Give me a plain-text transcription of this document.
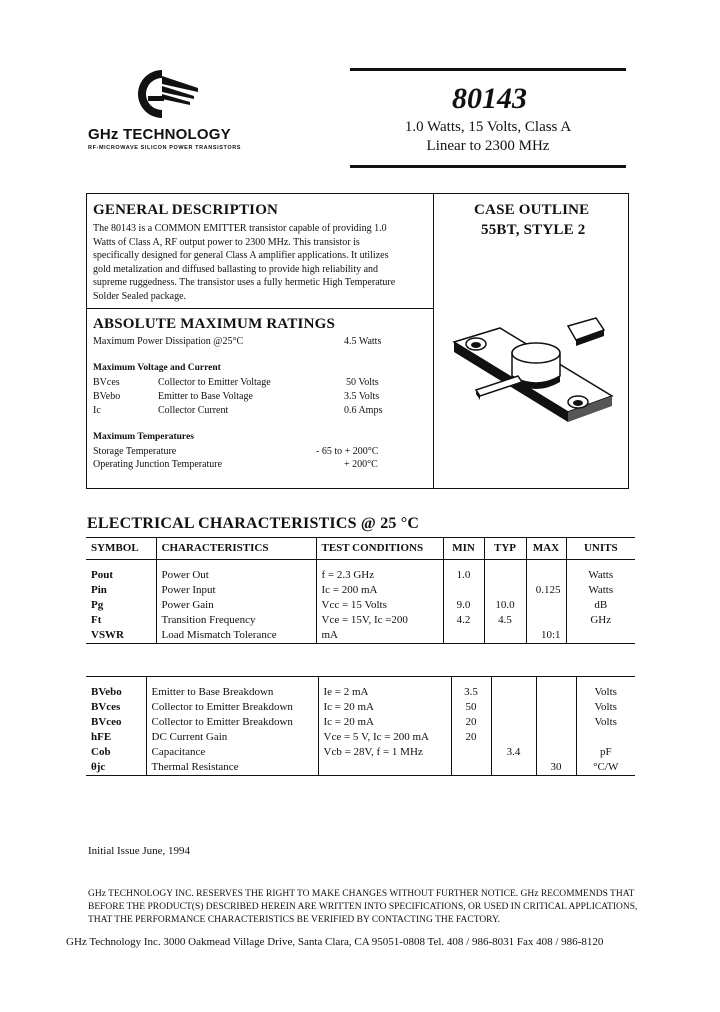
GHz TECHNOLOGY
RF-MICROWAVE SILICON POWER TRANSISTORS
80143
1.0 Watts, 15 Volts, Class A
Linear to 2300 MHz
GENERAL DESCRIPTION
The 80143 is a COMMON EMITTER transistor capable of providing 1.0
Watts of Class A, RF output power to 2300 MHz. This transistor is
specifically designed for general Class A amplifier applications. It utilizes
gold metalization and diffused ballasting to provide high reliability and
supreme ruggedness. The transistor uses a fully hermetic High Temperature
Solder Sealed package.
CASE OUTLINE
55BT, STYLE 2
ABSOLUTE MAXIMUM RATINGS
Maximum Power Dissipation @25°C	4.5 Watts
Maximum Voltage and Current
BVces	Collector to Emitter Voltage	50 Volts
BVebo	Emitter to Base Voltage	3.5 Volts
Ic	Collector Current	0.6 Amps
Maximum Temperatures
Storage Temperature	- 65 to + 200°C
Operating Junction Temperature	+ 200°C
ELECTRICAL CHARACTERISTICS @ 25 °C
SYMBOL	CHARACTERISTICS	TEST CONDITIONS	MIN	TYP	MAX	UNITS

Pout	Power Out	f = 2.3 GHz	1.0			Watts
Pin	Power Input	Ic = 200 mA			0.125	Watts
Pg	Power Gain	Vcc = 15 Volts	9.0	10.0		dB
Ft	Transition Frequency	Vce = 15V, Ic =200	4.2	4.5		GHz
VSWR	Load Mismatch Tolerance	mA			10:1	

BVebo	Emitter to Base Breakdown	Ie = 2 mA	3.5			Volts
BVces	Collector to Emitter Breakdown	Ic = 20 mA	50			Volts
BVceo	Collector to Emitter Breakdown	Ic = 20 mA	20			Volts
hFE	DC Current Gain	Vce = 5 V, Ic = 200 mA	20			
Cob	Capacitance	Vcb = 28V, f = 1 MHz		3.4		pF
θjc	Thermal Resistance				30	°C/W
Initial Issue June, 1994
GHz TECHNOLOGY INC. RESERVES THE RIGHT TO MAKE CHANGES WITHOUT FURTHER NOTICE. GHz RECOMMENDS THAT
BEFORE THE PRODUCT(S) DESCRIBED HEREIN ARE WRITTEN INTO SPECIFICATIONS, OR USED IN CRITICAL APPLICATIONS,
THAT THE PERFORMANCE CHARACTERISTICS BE VERIFIED BY CONTACTING THE FACTORY.
GHz Technology Inc. 3000 Oakmead Village Drive, Santa Clara, CA 95051-0808 Tel. 408 / 986-8031 Fax 408 / 986-8120
